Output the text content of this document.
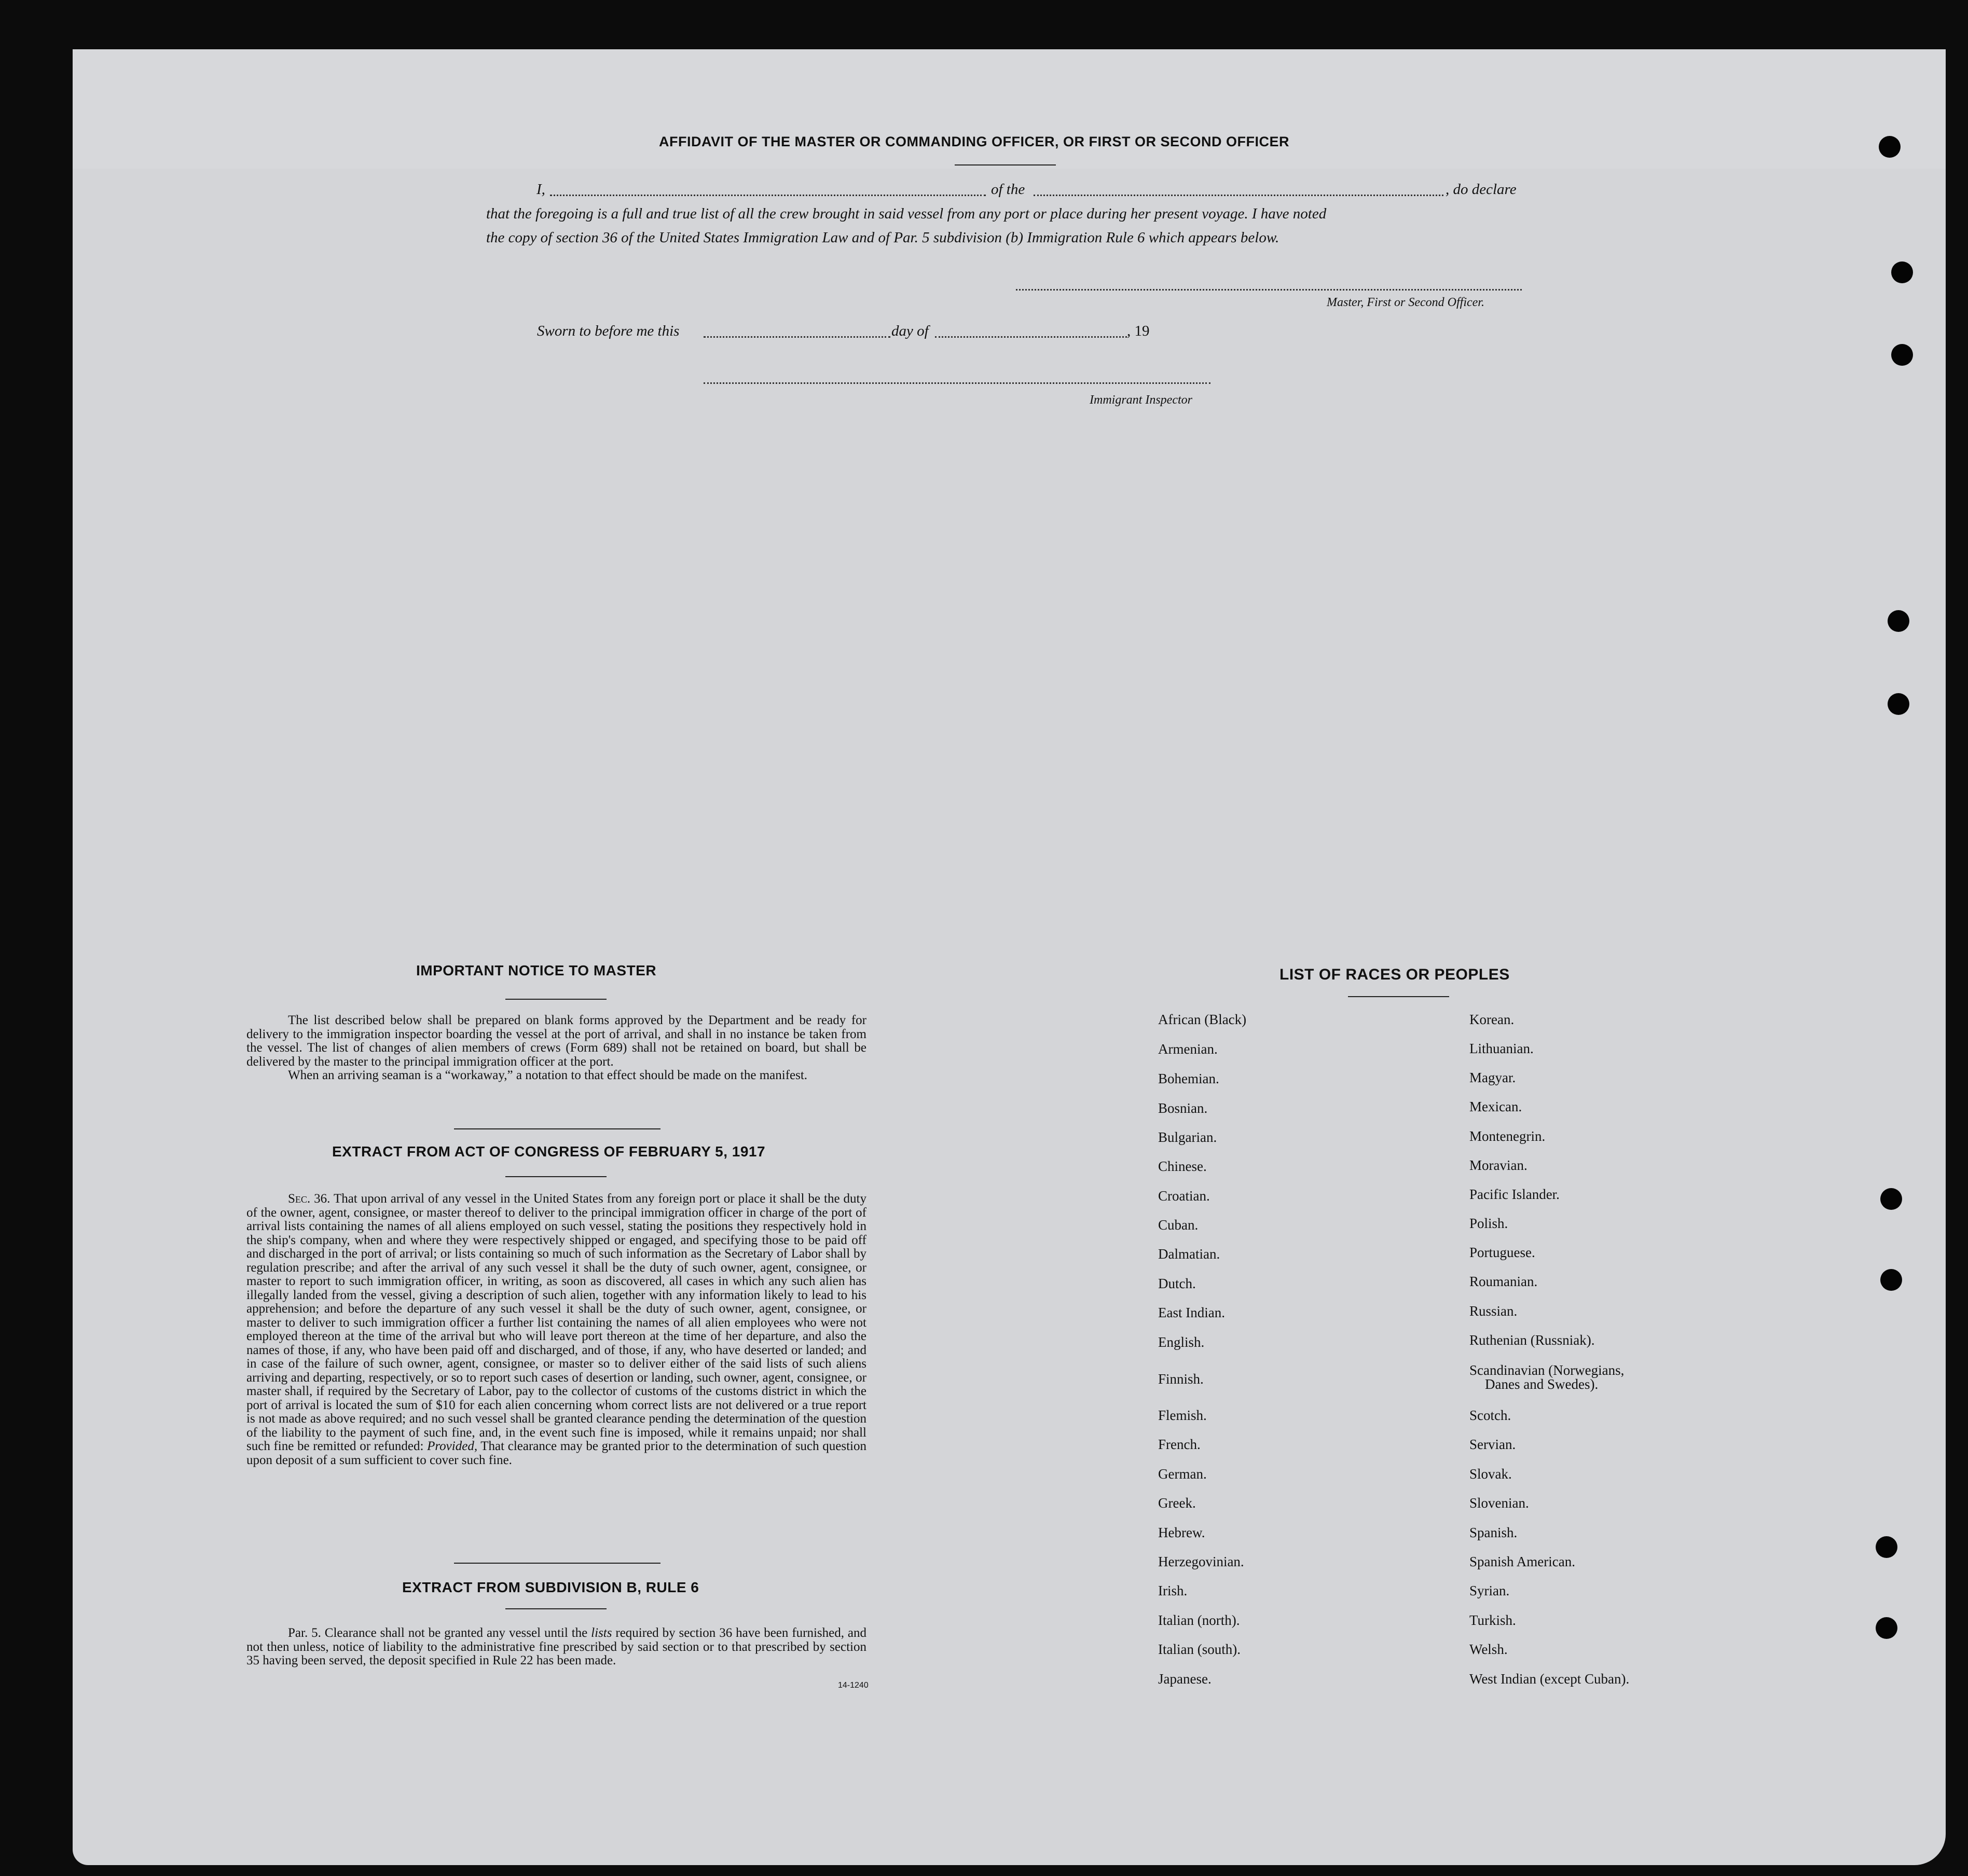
AFFIDAVIT OF THE MASTER OR COMMANDING OFFICER, OR FIRST OR SECOND OFFICER
I,	of the	, do declare
that the foregoing is a full and true list of all the crew brought in said vessel from any port or place during her present voyage. I have noted
the copy of section 36 of the United States Immigration Law and of Par. 5 subdivision (b) Immigration Rule 6 which appears below.
Master, First or Second Officer.
Sworn to before me this	day of	, 19
Immigrant Inspector
IMPORTANT NOTICE TO MASTER

The list described below shall be prepared on blank forms approved by the Department and be ready for delivery to the immigration inspector boarding the vessel at the port of arrival, and shall in no instance be taken from the vessel. The list of changes of alien members of crews (Form 689) shall not be retained on board, but shall be delivered by the master to the principal immigration officer at the port.

When an arriving seaman is a “workaway,” a notation to that effect should be made on the manifest.

EXTRACT FROM ACT OF CONGRESS OF FEBRUARY 5, 1917

Sec. 36. That upon arrival of any vessel in the United States from any foreign port or place it shall be the duty of the owner, agent, consignee, or master thereof to deliver to the principal immigration officer in charge of the port of arrival lists containing the names of all aliens employed on such vessel, stating the positions they respectively hold in the ship's company, when and where they were respectively shipped or engaged, and specifying those to be paid off and discharged in the port of arrival; or lists containing so much of such information as the Secretary of Labor shall by regulation prescribe; and after the arrival of any such vessel it shall be the duty of such owner, agent, consignee, or master to report to such immigration officer, in writing, as soon as discovered, all cases in which any such alien has illegally landed from the vessel, giving a description of such alien, together with any information likely to lead to his apprehension; and before the departure of any such vessel it shall be the duty of such owner, agent, consignee, or master to deliver to such immigration officer a further list containing the names of all alien employees who were not employed thereon at the time of the arrival but who will leave port thereon at the time of her departure, and also the names of those, if any, who have been paid off and discharged, and of those, if any, who have deserted or landed; and in case of the failure of such owner, agent, consignee, or master so to deliver either of the said lists of such aliens arriving and departing, respectively, or so to report such cases of desertion or landing, such owner, agent, consignee, or master shall, if required by the Secretary of Labor, pay to the collector of customs of the customs district in which the port of arrival is located the sum of $10 for each alien concerning whom correct lists are not delivered or a true report is not made as above required; and no such vessel shall be granted clearance pending the determination of the question of the liability to the payment of such fine, and, in the event such fine is imposed, while it remains unpaid; nor shall such fine be remitted or refunded: Provided, That clearance may be granted prior to the determination of such question upon deposit of a sum sufficient to cover such fine.

EXTRACT FROM SUBDIVISION B, RULE 6

Par. 5. Clearance shall not be granted any vessel until the lists required by section 36 have been furnished, and not then unless, notice of liability to the administrative fine prescribed by said section or to that prescribed by section 35 having been served, the deposit specified in Rule 22 has been made.

14-1240
LIST OF RACES OR PEOPLES
African (Black)
Armenian.
Bohemian.
Bosnian.
Bulgarian.
Chinese.
Croatian.
Cuban.
Dalmatian.
Dutch.
East Indian.
English.
Finnish.
Flemish.
French.
German.
Greek.
Hebrew.
Herzegovinian.
Irish.
Italian (north).
Italian (south).
Japanese.
Korean.
Lithuanian.
Magyar.
Mexican.
Montenegrin.
Moravian.
Pacific Islander.
Polish.
Portuguese.
Roumanian.
Russian.
Ruthenian (Russniak).
Scandinavian (Norwegians,
Scotch.
Servian.
Slovak.
Slovenian.
Spanish.
Spanish American.
Syrian.
Turkish.
Welsh.
West Indian (except Cuban).
Danes and Swedes).
